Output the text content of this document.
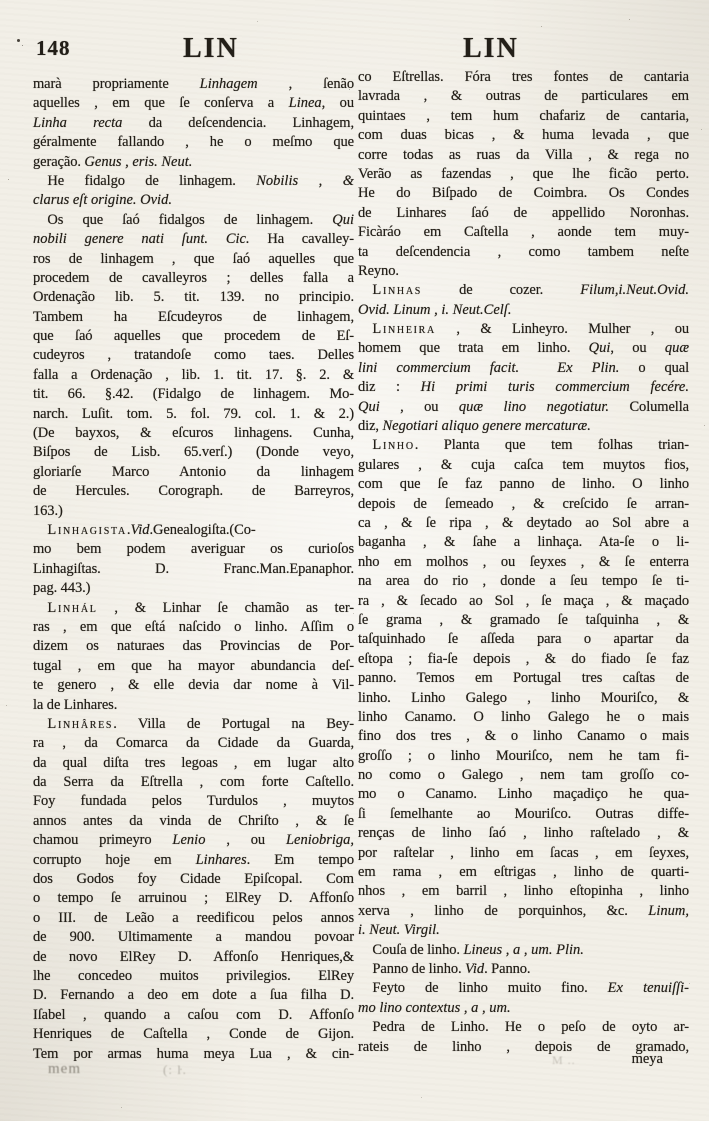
148	LIN	LIN
marà propriamente Linhagem , ſenão
aquelles , em que ſe conſerva a Linea, ou
Linha recta da deſcendencia. Linhagem,
géralmente fallando , he o meſmo que
geração. Genus , eris. Neut.
 He fidalgo de linhagem. Nobilis , &
clarus eſt origine. Ovid.
 Os que ſaó fidalgos de linhagem. Qui
nobili genere nati ſunt. Cic. Ha cavalley-
ros de linhagem , que ſaó aquelles que
procedem de cavalleyros ; delles falla a
Ordenação lib. 5. tit. 139. no principio.
Tambem ha Eſcudeyros de linhagem,
que ſaó aquelles que procedem de Eſ-
cudeyros , tratandoſe como taes. Delles
falla a Ordenação , lib. 1. tit. 17. §. 2. &
tit. 66. §.42. (Fidalgo de linhagem. Mo-
narch. Luſit. tom. 5. fol. 79. col. 1. & 2.)
(De bayxos, & eſcuros linhagens. Cunha,
Biſpos de Lisb. 65.verſ.) (Donde veyo,
gloriarſe Marco Antonio da linhagem
de Hercules. Corograph. de Barreyros,
163.)
 Linhagista.Vid.Genealogiſta.(Co-
mo bem podem averiguar os curioſos
Linhagiſtas. D. Franc.Man.Epanaphor.
pag. 443.)
 Linhál , & Linhar ſe chamão as ter-
ras , em que eſtá naſcido o linho. Aſſim o
dizem os naturaes das Provincias de Por-
tugal , em que ha mayor abundancia deſ-
te genero , & elle devia dar nome à Vil-
la de Linhares.
 Linhâres. Villa de Portugal na Bey-
ra , da Comarca da Cidade da Guarda,
da qual diſta tres legoas , em lugar alto
da Serra da Eſtrella , com forte Caſtello.
Foy fundada pelos Turdulos , muytos
annos antes da vinda de Chriſto , & ſe
chamou primeyro Lenio , ou Leniobriga,
corrupto hoje em Linhares. Em tempo
dos Godos foy Cidade Epiſcopal. Com
o tempo ſe arruinou ; ElRey D. Affonſo
o III. de Leão a reedificou pelos annos
de 900. Ultimamente a mandou povoar
de novo ElRey D. Affonſo Henriques,&
lhe concedeo muitos privilegios. ElRey
D. Fernando a deo em dote a ſua filha D.
Iſabel , quando a caſou com D. Affonſo
Henriques de Caſtella , Conde de Gijon.
Tem por armas huma meya Lua , & cin-
co Eſtrellas. Fóra tres fontes de cantaria
lavrada , & outras de particulares em
quintaes , tem hum chafariz de cantaria,
com duas bicas , & huma levada , que
corre todas as ruas da Villa , & rega no
Verão as fazendas , que lhe ficão perto.
He do Biſpado de Coimbra. Os Condes
de Linhares ſaó de appellido Noronhas.
Ficàráo em Caſtella , aonde tem muy-
ta deſcendencia , como tambem neſte
Reyno.
 Linhas de cozer. Filum,i.Neut.Ovid.
Ovid. Linum , i. Neut.Celſ.
 Linheira , & Linheyro. Mulher , ou
homem que trata em linho. Qui, ou quæ
lini commercium facit.  Ex Plin. o qual
diz : Hi primi turis commercium fecére.
Qui , ou quæ lino negotiatur. Columella
diz, Negotiari aliquo genere mercaturæ.
 Linho. Planta que tem folhas trian-
gulares , & cuja caſca tem muytos fios,
com que ſe faz panno de linho. O linho
depois de ſemeado , & creſcido ſe arran-
ca , & ſe ripa , & deytado ao Sol abre a
baganha , & ſahe a linhaça. Ata-ſe o li-
nho em molhos , ou ſeyxes , & ſe enterra
na area do rio , donde a ſeu tempo ſe ti-
ra , & ſecado ao Sol , ſe maça , & maçado
ſe grama , & gramado ſe taſquinha , &
taſquinhado ſe aſſeda para o apartar da
eſtopa ; fia-ſe depois , & do fiado ſe faz
panno. Temos em Portugal tres caſtas de
linho. Linho Galego , linho Mouriſco, &
linho Canamo. O linho Galego he o mais
fino dos tres , & o linho Canamo o mais
groſſo ; o linho Mouriſco, nem he tam fi-
no como o Galego , nem tam groſſo co-
mo o Canamo. Linho maçadiço he qua-
ſi ſemelhante ao Mouriſco. Outras diffe-
renças de linho ſaó , linho raſtelado , &
por raſtelar , linho em ſacas , em ſeyxes,
em rama , em eſtrigas , linho de quarti-
nhos , em barril , linho eſtopinha , linho
xerva , linho de porquinhos, &c. Linum,
i. Neut. Virgil.
 Couſa de linho. Lineus , a , um. Plin.
 Panno de linho. Vid. Panno.
 Feyto de linho muito fino. Ex tenuiſſi-
mo lino contextus , a , um.
 Pedra de Linho. He o peſo de oyto ar-
rateis de linho , depois de gramado,
meya
mem	(: ŀ.
M ..
